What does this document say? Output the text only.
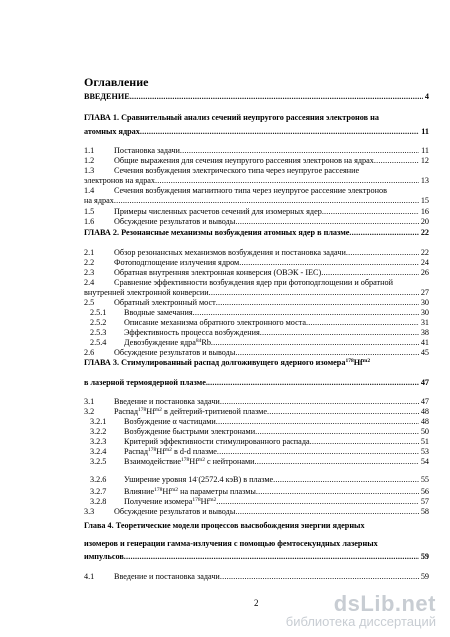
Оглавление
ВВЕДЕНИЕ .....	4
ГЛАВА 1. Сравнительный анализ сечений неупругого рассеяния электронов на
атомных ядрах .....	11
1.1 Постановка задачи .....	11
1.2 Общие выражения для сечения неупругого рассеяния электронов на ядрах .....	12
1.3 Сечения возбуждения электрического типа через неупругое рассеяние
электронов на ядрах .....	13
1.4 Сечения возбуждения магнитного типа через неупругое рассеяние электронов
на ядрах .....	15
1.5 Примеры численных расчетов сечений для изомерных ядер .....	16
1.6 Обсуждение результатов и выводы .....	20
ГЛАВА 2. Резонансные механизмы возбуждения атомных ядер в плазме .....	22
2.1 Обзор резонансных механизмов возбуждения и постановка задачи .....	22
2.2 Фотоподглощение излучения ядром .....	24
2.3 Обратная внутренняя электронная конверсия (ОВЭК - IEC) .....	26
2.4 Сравнение эффективности возбуждения ядер при фотоподглощении и обратной
внутренней электронной конверсии .....	27
2.5 Обратный электронный мост .....	30
2.5.1 Вводные замечания .....	30
2.5.2 Описание механизма обратного электронного моста .....	31
2.5.3 Эффективность процесса возбуждения .....	38
2.5.4 Девозбуждение ядра$^{84}$Rb .....	41
2.6 Обсуждение результатов и выводы .....	45
ГЛАВА 3. Стимулированный распад долгоживущего ядерного $изомера^{178}Hf^{m2}$
в лазерной термоядерной плазме. .....	47
3.1 Введение и постановка задачи .....	47
3.2 $Распад^{178}Hf^{m2}$ в дейтерий-тритиевой плазме .....	48
3.2.1 Возбуждение α частицами .....	48
3.2.2 Возбуждение быстрыми электронами .....	50
3.2.3 Критерий эффективности стимулированного распада .....	51
3.2.4 $Распад^{178}Hf^{m2}$ в d-d плазме .....	53
3.2.5 $Взаимодействие^{178}Hf^{m2}$ с нейтронами .....	54
3.2.6 Уширение уровня 14-(2572.4 кэВ) в плазме .....	55
3.2.7 $Влияние^{178}Hf^{m2}$ на параметры плазмы .....	56
3.2.8 Получение $изомера^{178}Hf^{m2}$ .....	57
3.3 Обсуждение результатов и выводы .....	58
Глава 4. Теоретические модели процессов высвобождения энергии ядерных
изомеров и генерации гамма-излучения с помощью фемтосекундных лазерных
импульсов .....	59
4.1 Введение и постановка задачи .....	59
2	dsLib.net
библиотека диссертаций
